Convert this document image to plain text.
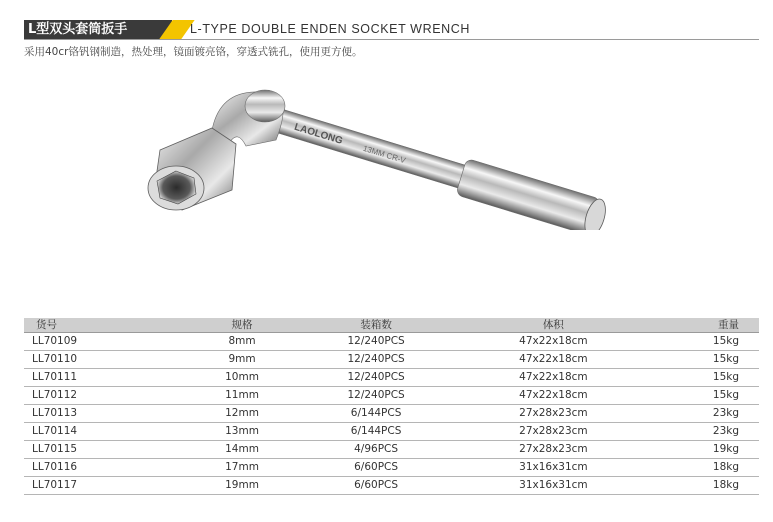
L型双头套筒扳手	L-TYPE DOUBLE ENDEN SOCKET WRENCH
采用40cr铬钒钢制造，热处理，镜面镀亮铬，穿透式铣孔，使用更方便。
LAOLONG
13MM CR-V
货号	规格	装箱数	体积	重量
LL70109	8mm	12/240PCS	47x22x18cm	15kg
LL70110	9mm	12/240PCS	47x22x18cm	15kg
LL70111	10mm	12/240PCS	47x22x18cm	15kg
LL70112	11mm	12/240PCS	47x22x18cm	15kg
LL70113	12mm	6/144PCS	27x28x23cm	23kg
LL70114	13mm	6/144PCS	27x28x23cm	23kg
LL70115	14mm	4/96PCS	27x28x23cm	19kg
LL70116	17mm	6/60PCS	31x16x31cm	18kg
LL70117	19mm	6/60PCS	31x16x31cm	18kg
